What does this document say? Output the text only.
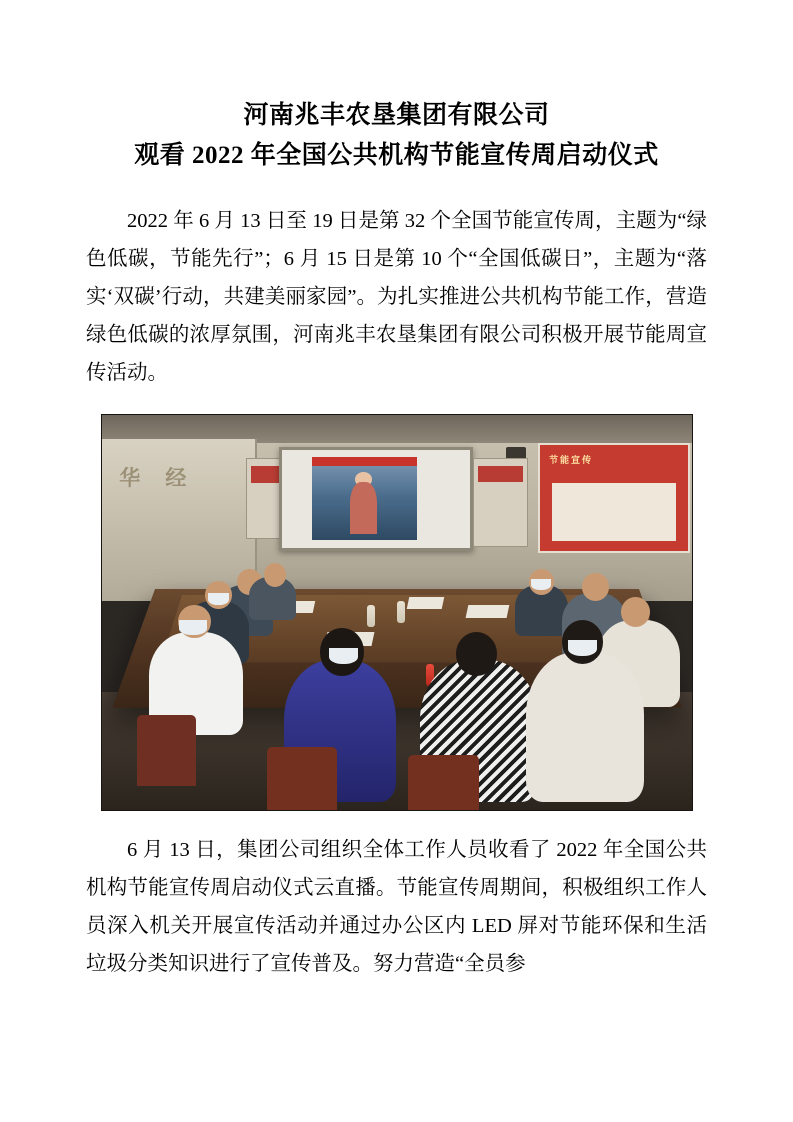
河南兆丰农垦集团有限公司
观看 2022 年全国公共机构节能宣传周启动仪式

2022 年 6 月 13 日至 19 日是第 32 个全国节能宣传周，主题为“绿色低碳，节能先行”；6 月 15 日是第 10 个“全国低碳日”，主题为“落实‘双碳’行动，共建美丽家园”。为扎实推进公共机构节能工作，营造绿色低碳的浓厚氛围，河南兆丰农垦集团有限公司积极开展节能周宣传活动。

华 经
节能宣传

6 月 13 日，集团公司组织全体工作人员收看了 2022 年全国公共机构节能宣传周启动仪式云直播。节能宣传周期间，积极组织工作人员深入机关开展宣传活动并通过办公区内 LED 屏对节能环保和生活垃圾分类知识进行了宣传普及。努力营造“全员参
